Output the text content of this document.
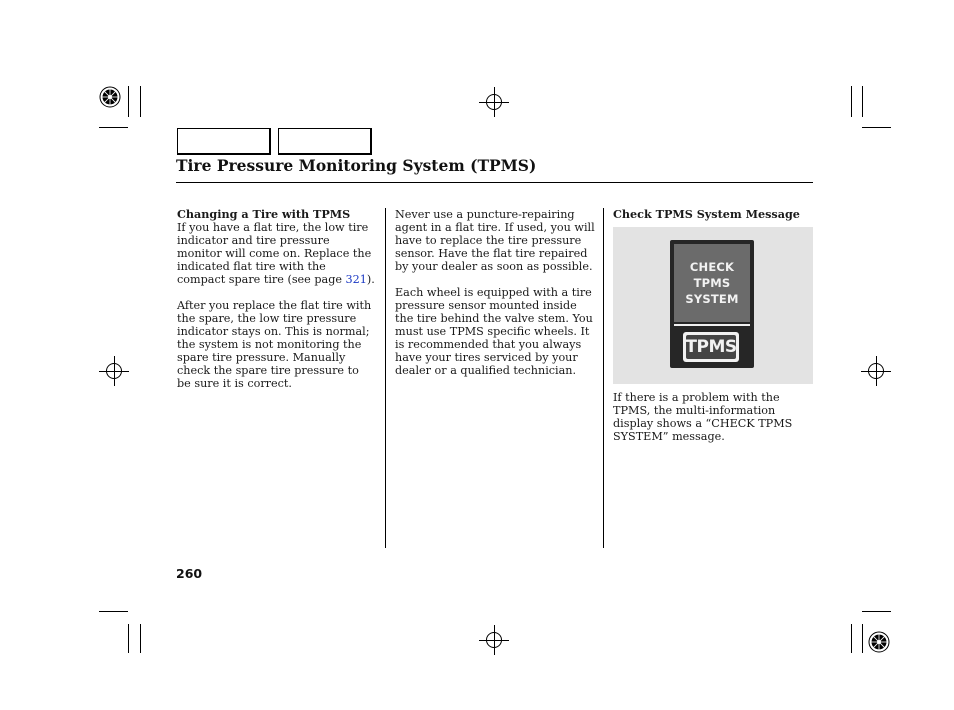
Tire Pressure Monitoring System (TPMS)
Changing a Tire with TPMS

If you have a flat tire, the low tire indicator and tire pressure monitor will come on. Replace the indicated flat tire with the compact spare tire (see page 321).

After you replace the flat tire with the spare, the low tire pressure indicator stays on. This is normal; the system is not monitoring the spare tire pressure. Manually check the spare tire pressure to be sure it is correct.

Never use a puncture-repairing agent in a flat tire. If used, you will have to replace the tire pressure sensor. Have the flat tire repaired by your dealer as soon as possible.

Each wheel is equipped with a tire pressure sensor mounted inside the tire behind the valve stem. You must use TPMS specific wheels. It is recommended that you always have your tires serviced by your dealer or a qualified technician.

Check TPMS System Message
CHECK
TPMS
SYSTEM
TPMS

If there is a problem with the TPMS, the multi-information display shows a “CHECK TPMS SYSTEM” message.

260
